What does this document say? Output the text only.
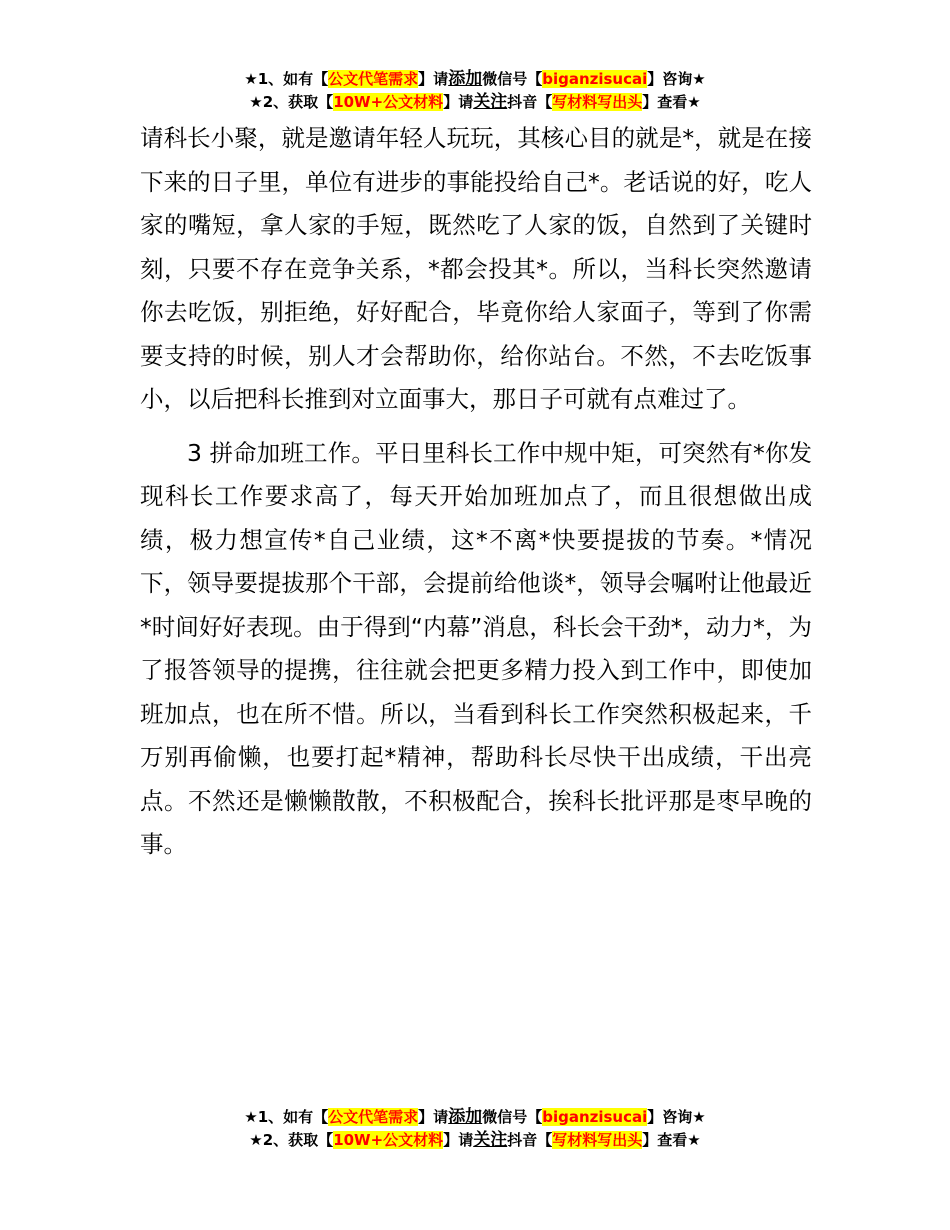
★1、如有【公文代笔需求】请添加微信号【biganzisucai】咨询★
★2、获取【10W+公文材料】请关注抖音【写材料写出头】查看★

请科长小聚，就是邀请年轻人玩玩，其核心目的就是*，就是在接下来的日子里，单位有进步的事能投给自己*。老话说的好，吃人家的嘴短，拿人家的手短，既然吃了人家的饭，自然到了关键时刻，只要不存在竞争关系，*都会投其*。所以，当科长突然邀请你去吃饭，别拒绝，好好配合，毕竟你给人家面子，等到了你需要支持的时候，别人才会帮助你，给你站台。不然，不去吃饭事小，以后把科长推到对立面事大，那日子可就有点难过了。

3 拼命加班工作。平日里科长工作中规中矩，可突然有*你发现科长工作要求高了，每天开始加班加点了，而且很想做出成绩，极力想宣传*自己业绩，这*不离*快要提拔的节奏。*情况下，领导要提拔那个干部，会提前给他谈*，领导会嘱咐让他最近*时间好好表现。由于得到“内幕”消息，科长会干劲*，动力*，为了报答领导的提携，往往就会把更多精力投入到工作中，即使加班加点，也在所不惜。所以，当看到科长工作突然积极起来，千万别再偷懒，也要打起*精神，帮助科长尽快干出成绩，干出亮点。不然还是懒懒散散，不积极配合，挨科长批评那是枣早晚的事。

★1、如有【公文代笔需求】请添加微信号【biganzisucai】咨询★
★2、获取【10W+公文材料】请关注抖音【写材料写出头】查看★
